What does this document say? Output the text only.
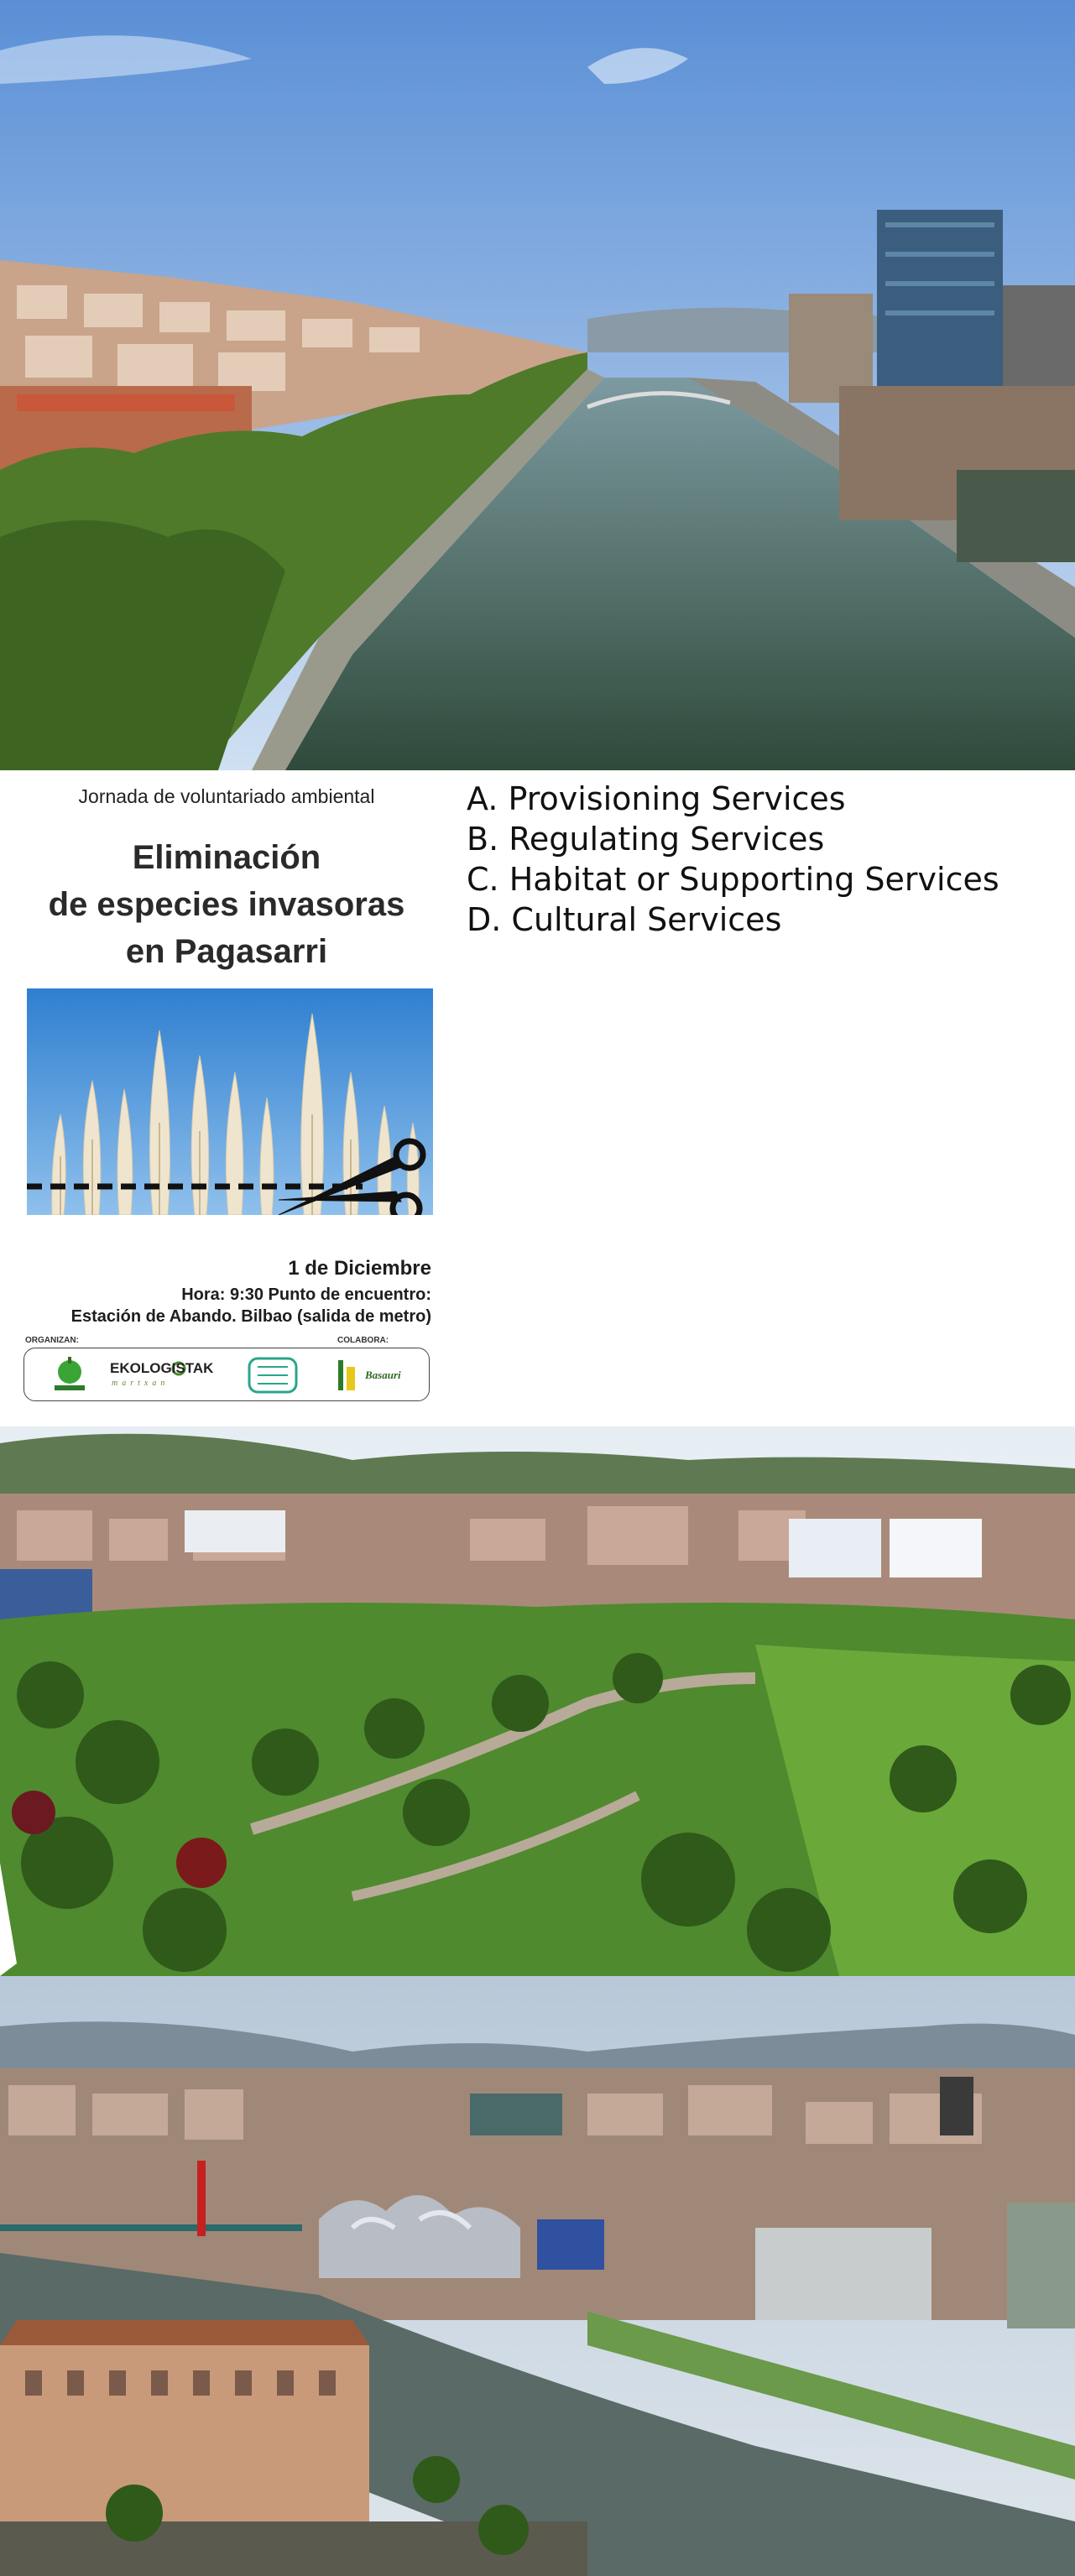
Jornada de voluntariado ambiental
Eliminación
de especies invasoras
en Pagasarri
1 de Diciembre
Hora: 9:30 Punto de encuentro:
Estación de Abando. Bilbao (salida de metro)
ORGANIZAN:	COLABORA:
EKOLOGISTAK
martxan
Basauri
A. Provisioning Services
B. Regulating Services
C. Habitat or Supporting Services
D. Cultural Services
